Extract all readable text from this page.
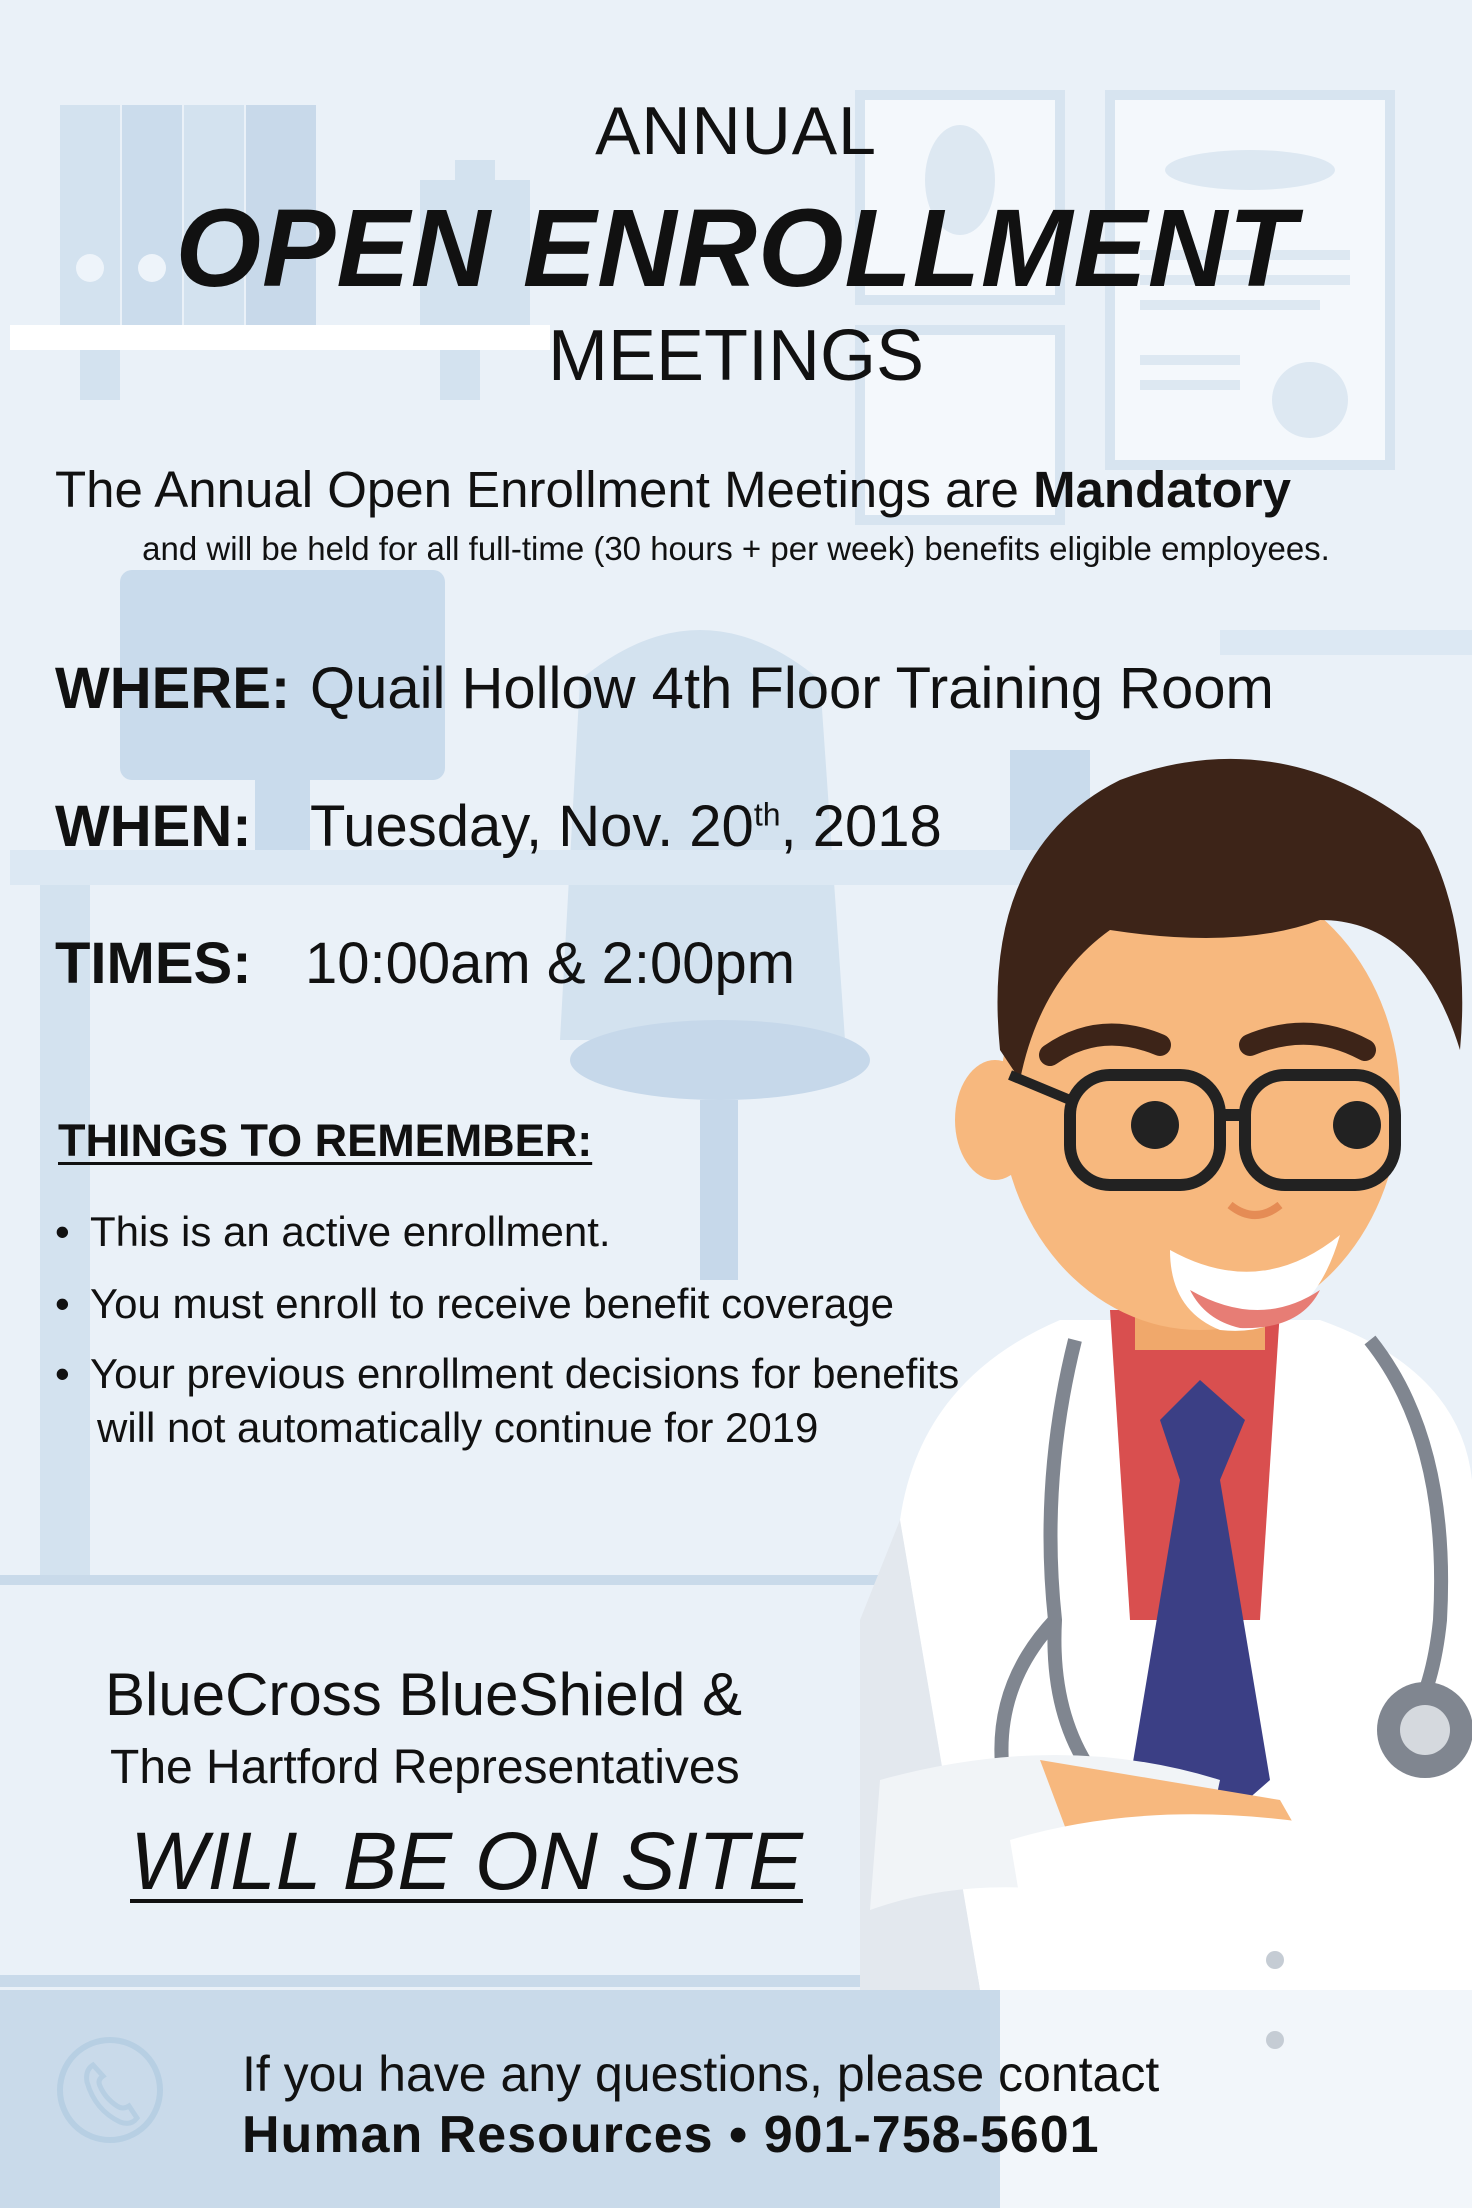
ANNUAL
OPEN ENROLLMENT
MEETINGS
The Annual Open Enrollment Meetings are Mandatory
and will be held for all full-time (30 hours + per week) benefits eligible employees.
WHERE: Quail Hollow 4th Floor Training Room
WHEN: Tuesday, Nov. 20th, 2018
TIMES: 10:00am & 2:00pm
THINGS TO REMEMBER:
• This is an active enrollment.
• You must enroll to receive benefit coverage
• Your previous enrollment decisions for benefits
will not automatically continue for 2019
BlueCross BlueShield &
The Hartford Representatives
WILL BE ON SITE
If you have any questions, please contact
Human Resources • 901-758-5601
